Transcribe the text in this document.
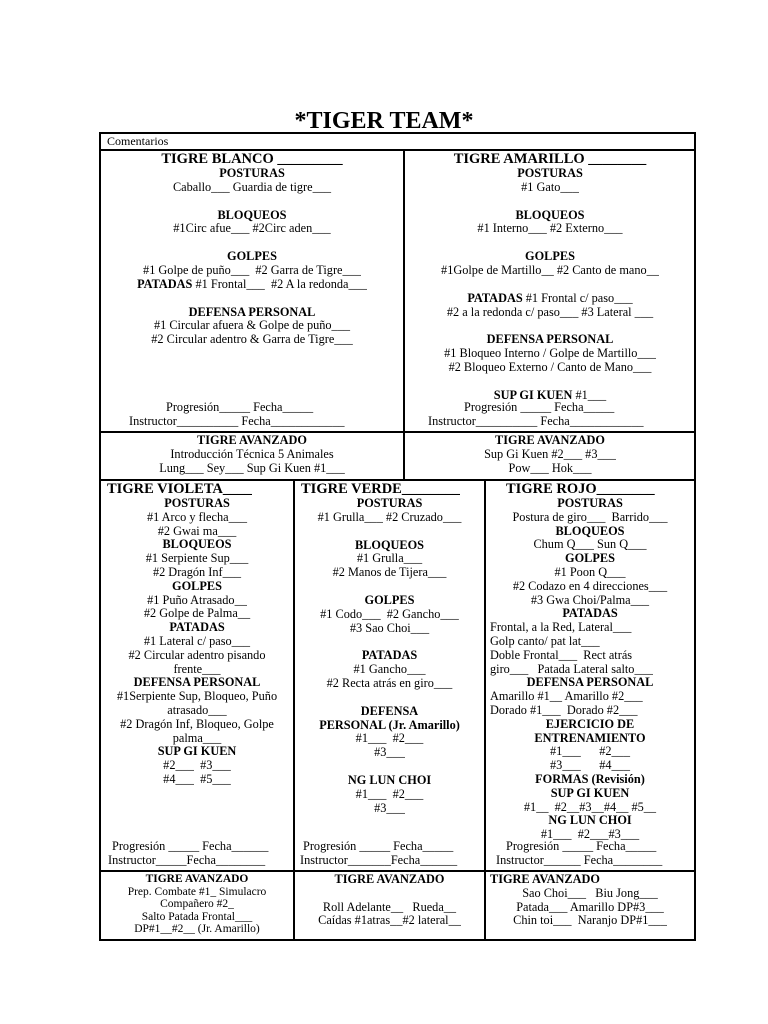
*TIGER TEAM*
Comentarios
TIGRE BLANCO _________
POSTURAS
Caballo___ Guardia de tigre___
BLOQUEOS
#1Circ afue___ #2Circ aden___
GOLPES
#1 Golpe de puño___  #2 Garra de Tigre___
PATADAS #1 Frontal___  #2 A la redonda___
DEFENSA PERSONAL
#1 Circular afuera & Golpe de puño___
#2 Circular adentro & Garra de Tigre___
Progresión_____ Fecha_____
Instructor__________ Fecha____________
TIGRE AMARILLO ________
POSTURAS
#1 Gato___
BLOQUEOS
#1 Interno___ #2 Externo___
GOLPES
#1Golpe de Martillo__ #2 Canto de mano__
PATADAS #1 Frontal c/ paso___
#2 a la redonda c/ paso___ #3 Lateral ___
DEFENSA PERSONAL
#1 Bloqueo Interno / Golpe de Martillo___
#2 Bloqueo Externo / Canto de Mano___
SUP GI KUEN #1___
Progresión _____ Fecha_____
Instructor__________ Fecha____________
TIGRE AVANZADO
Introducción Técnica 5 Animales
Lung___ Sey___ Sup Gi Kuen #1___
TIGRE AVANZADO
Sup Gi Kuen #2___ #3___
Pow___ Hok___
TIGRE VIOLETA____
POSTURAS
#1 Arco y flecha___
#2 Gwai ma___
BLOQUEOS
#1 Serpiente Sup___
#2 Dragón Inf___
GOLPES
#1 Puño Atrasado__
#2 Golpe de Palma__
PATADAS
#1 Lateral c/ paso___
#2 Circular adentro pisando
frente___
DEFENSA PERSONAL
#1Serpiente Sup, Bloqueo, Puño
atrasado___
#2 Dragón Inf, Bloqueo, Golpe
palma___
SUP GI KUEN
#2___  #3___
#4___  #5___
Progresión _____ Fecha______
Instructor_____Fecha________
TIGRE VERDE________
POSTURAS
#1 Grulla___ #2 Cruzado___
BLOQUEOS
#1 Grulla___
#2 Manos de Tijera___
GOLPES
#1 Codo___  #2 Gancho___
#3 Sao Choi___
PATADAS
#1 Gancho___
#2 Recta atrás en giro___
DEFENSA
PERSONAL (Jr. Amarillo)
#1___  #2___
#3___
NG LUN CHOI
#1___  #2___
#3___
Progresión _____ Fecha_____
Instructor_______Fecha______
TIGRE ROJO________
POSTURAS
Postura de giro___  Barrido___
BLOQUEOS
Chum Q___ Sun Q___
GOLPES
#1 Poon Q___
#2 Codazo en 4 direcciones___
#3 Gwa Choi/Palma___
PATADAS
Frontal, a la Red, Lateral___
Golp canto/ pat lat___
Doble Frontal___  Rect atrás
giro___   Patada Lateral salto___
DEFENSA PERSONAL
Amarillo #1__ Amarillo #2___
Dorado #1___  Dorado #2___
EJERCICIO DE
ENTRENAMIENTO
#1___      #2___
#3___      #4___
FORMAS (Revisión)
SUP GI KUEN
#1__  #2__#3__#4__ #5__
NG LUN CHOI
#1___  #2___#3___
Progresión _____ Fecha_____
Instructor______ Fecha________
TIGRE AVANZADO
Prep. Combate #1_ Simulacro
Compañero #2_
Salto Patada Frontal___
DP#1__#2__ (Jr. Amarillo)
TIGRE AVANZADO

Roll Adelante__   Rueda__
Caídas #1atras__#2 lateral__
TIGRE AVANZADO
Sao Choi___   Biu Jong___
Patada___ Amarillo DP#3___
Chin toi___  Naranjo DP#1___
